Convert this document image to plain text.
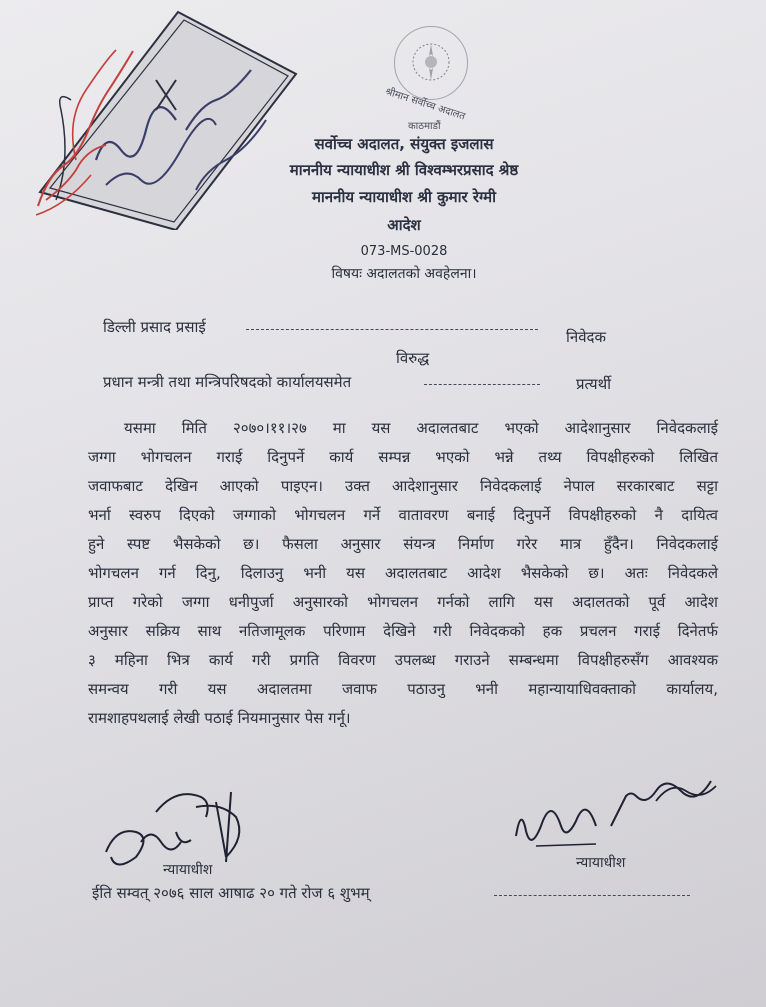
श्रीमान सर्वोच्च अदालत
काठमाडौं
सर्वोच्च अदालत, संयुक्त इजलास
माननीय न्यायाधीश श्री विश्वम्भरप्रसाद श्रेष्ठ
माननीय न्यायाधीश श्री कुमार रेग्मी
आदेश
073-MS-0028
विषयः अदालतको अवहेलना।
डिल्ली प्रसाद प्रसाई
निवेदक
विरुद्ध
प्रधान मन्त्री तथा मन्त्रिपरिषदको कार्यालयसमेत	प्रत्यर्थी
यसमा मिति २०७०।११।२७ मा यस अदालतबाट भएको आदेशानुसार निवेदकलाई
जग्गा भोगचलन गराई दिनुपर्ने कार्य सम्पन्न भएको भन्ने तथ्य विपक्षीहरुको लिखित
जवाफबाट देखिन आएको पाइएन। उक्त आदेशानुसार निवेदकलाई नेपाल सरकारबाट सट्टा
भर्ना स्वरुप दिएको जग्गाको भोगचलन गर्ने वातावरण बनाई दिनुपर्ने विपक्षीहरुको नै दायित्व
हुने स्पष्ट भैसकेको छ। फैसला अनुसार संयन्त्र निर्माण गरेर मात्र हुँदैन। निवेदकलाई
भोगचलन गर्न दिनु, दिलाउनु भनी यस अदालतबाट आदेश भैसकेको छ। अतः निवेदकले
प्राप्त गरेको जग्गा धनीपुर्जा अनुसारको भोगचलन गर्नको लागि यस अदालतको पूर्व आदेश
अनुसार सक्रिय साथ नतिजामूलक परिणाम देखिने गरी निवेदकको हक प्रचलन गराई दिनेतर्फ
३ महिना भित्र कार्य गरी प्रगति विवरण उपलब्ध गराउने सम्बन्धमा विपक्षीहरुसँग आवश्यक
समन्वय गरी यस अदालतमा जवाफ पठाउनु भनी महान्यायाधिवक्ताको कार्यालय,
रामशाहपथलाई लेखी पठाई नियमानुसार पेस गर्नू।
न्यायाधीश	न्यायाधीश
ईति सम्वत् २०७६ साल आषाढ २० गते रोज ६ शुभम्
